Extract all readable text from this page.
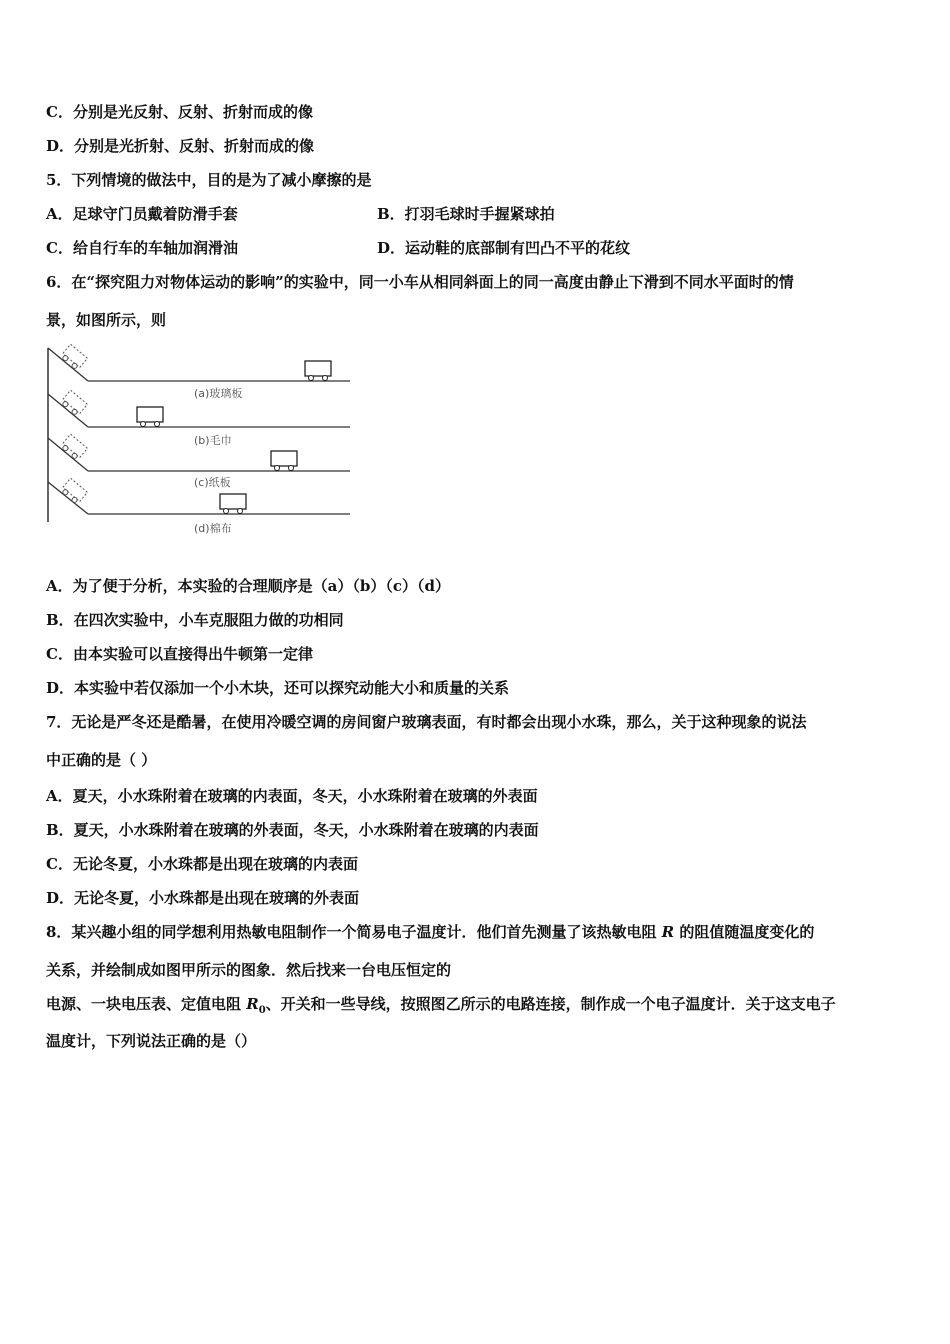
C．分别是光反射、反射、折射而成的像
D．分别是光折射、反射、折射而成的像
5．下列情境的做法中，目的是为了减小摩擦的是
A．足球守门员戴着防滑手套	B．打羽毛球时手握紧球拍
C．给自行车的车轴加润滑油	D．运动鞋的底部制有凹凸不平的花纹
6．在“探究阻力对物体运动的影响”的实验中，同一小车从相同斜面上的同一高度由静止下滑到不同水平面时的情
景，如图所示，则
(a)玻璃板
(b)毛巾
(c)纸板
(d)棉布
A．为了便于分析，本实验的合理顺序是（a）（b）（c）（d）
B．在四次实验中，小车克服阻力做的功相同
C．由本实验可以直接得出牛顿第一定律
D．本实验中若仅添加一个小木块，还可以探究动能大小和质量的关系
7．无论是严冬还是酷暑，在使用冷暖空调的房间窗户玻璃表面，有时都会出现小水珠，那么，关于这种现象的说法
中正确的是（ ）
A．夏天，小水珠附着在玻璃的内表面，冬天，小水珠附着在玻璃的外表面
B．夏天，小水珠附着在玻璃的外表面，冬天，小水珠附着在玻璃的内表面
C．无论冬夏，小水珠都是出现在玻璃的内表面
D．无论冬夏，小水珠都是出现在玻璃的外表面
8．某兴趣小组的同学想利用热敏电阻制作一个简易电子温度计．他们首先测量了该热敏电阻 R 的阻值随温度变化的
关系，并绘制成如图甲所示的图象．然后找来一台电压恒定的
电源、一块电压表、定值电阻 $R_0$、开关和一些导线，按照图乙所示的电路连接，制作成一个电子温度计．关于这支电子
温度计，下列说法正确的是（）
